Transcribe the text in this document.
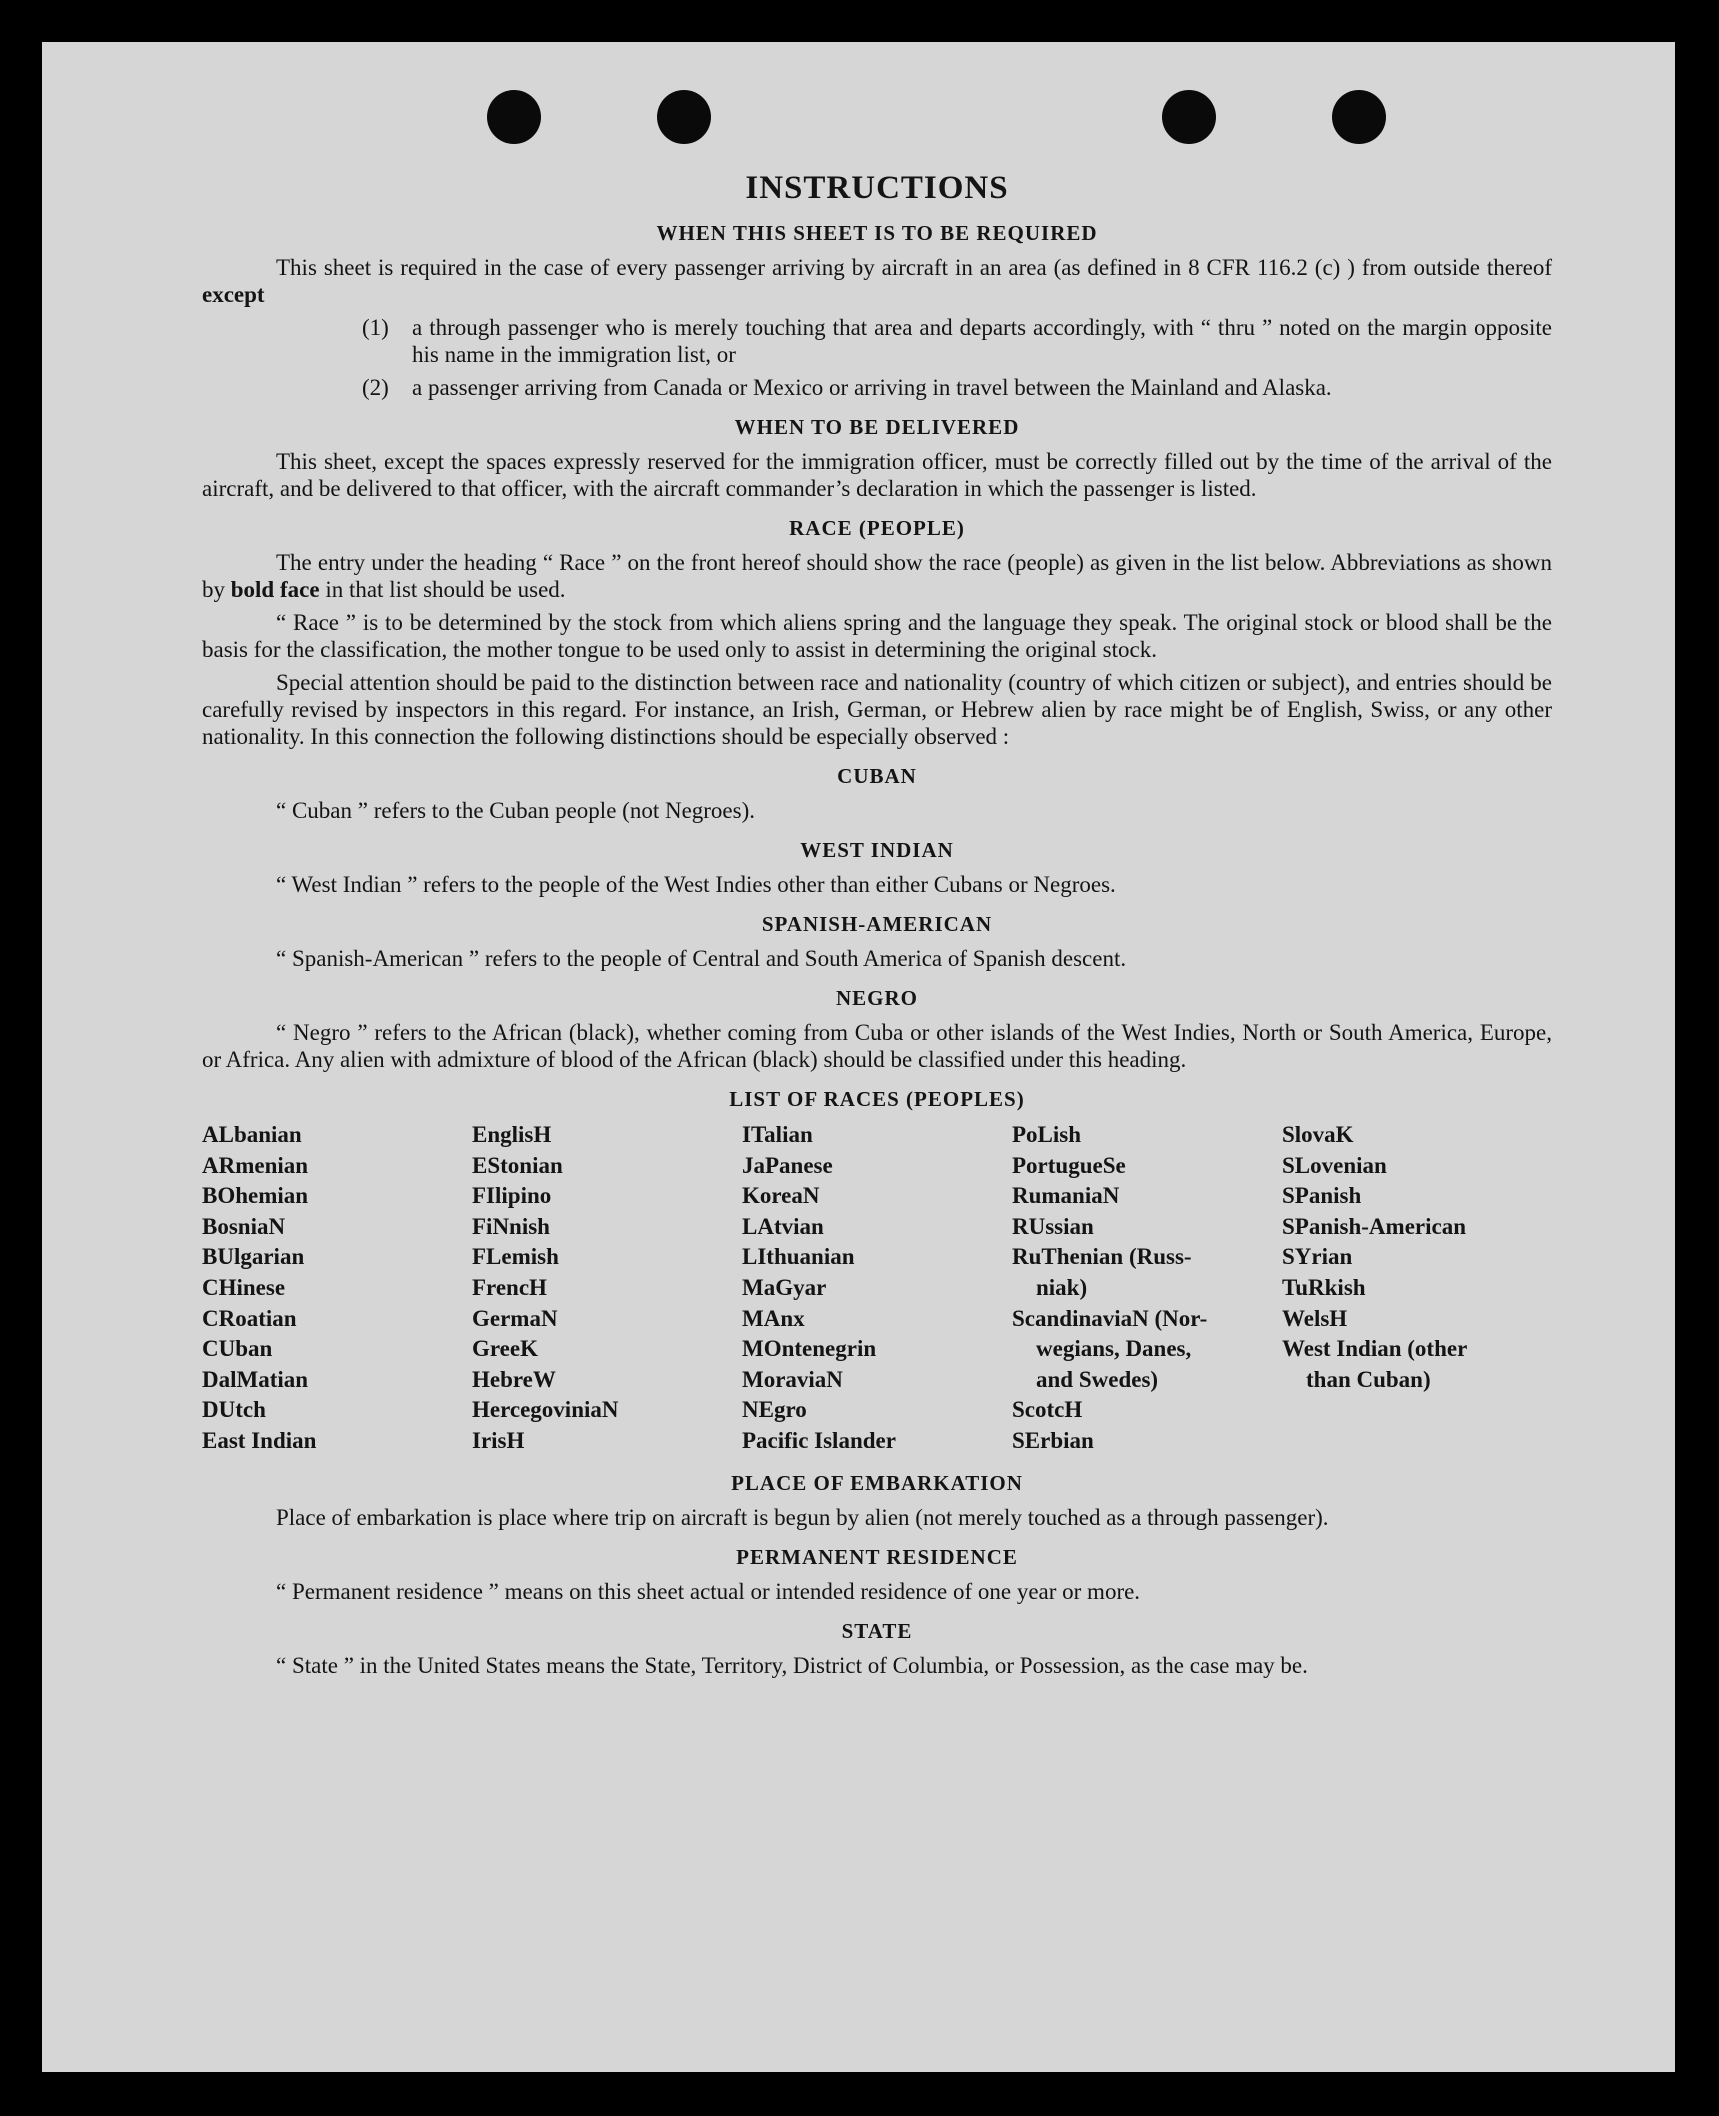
INSTRUCTIONS
WHEN THIS SHEET IS TO BE REQUIRED

This sheet is required in the case of every passenger arriving by aircraft in an area (as defined in 8 CFR 116.2 (c) ) from outside thereof except

(1)	a through passenger who is merely touching that area and departs accordingly, with “ thru ” noted on the margin opposite his name in the immigration list, or
(2)	a passenger arriving from Canada or Mexico or arriving in travel between the Mainland and Alaska.
WHEN TO BE DELIVERED

This sheet, except the spaces expressly reserved for the immigration officer, must be correctly filled out by the time of the arrival of the aircraft, and be delivered to that officer, with the aircraft commander’s declaration in which the passenger is listed.

RACE (PEOPLE)

The entry under the heading “ Race ” on the front hereof should show the race (people) as given in the list below. Abbreviations as shown by bold face in that list should be used.

“ Race ” is to be determined by the stock from which aliens spring and the language they speak. The original stock or blood shall be the basis for the classification, the mother tongue to be used only to assist in determining the original stock.

Special attention should be paid to the distinction between race and nationality (country of which citizen or subject), and entries should be carefully revised by inspectors in this regard. For instance, an Irish, German, or Hebrew alien by race might be of English, Swiss, or any other nationality. In this connection the following distinctions should be especially observed :

CUBAN
“ Cuban ” refers to the Cuban people (not Negroes).
WEST INDIAN
“ West Indian ” refers to the people of the West Indies other than either Cubans or Negroes.
SPANISH-AMERICAN
“ Spanish-American ” refers to the people of Central and South America of Spanish descent.
NEGRO

“ Negro ” refers to the African (black), whether coming from Cuba or other islands of the West Indies, North or South America, Europe, or Africa. Any alien with admixture of blood of the African (black) should be classified under this heading.

LIST OF RACES (PEOPLES)
ALbanian
ARmenian
BOhemian
BosniaN
BUlgarian
CHinese
CRoatian
CUban
DalMatian
DUtch
East Indian
EnglisH
EStonian
FIlipino
FiNnish
FLemish
FrencH
GermaN
GreeK
HebreW
HercegoviniaN
IrisH
ITalian
JaPanese
KoreaN
LAtvian
LIthuanian
MaGyar
MAnx
MOntenegrin
MoraviaN
NEgro
Pacific Islander
PoLish
PortugueSe
RumaniaN
RUssian
RuThenian (Russ-
niak)
ScandinaviaN (Nor-
wegians, Danes,
and Swedes)
ScotcH
SErbian
SlovaK
SLovenian
SPanish
SPanish-American
SYrian
TuRkish
WelsH
West Indian (other
than Cuban)
PLACE OF EMBARKATION

Place of embarkation is place where trip on aircraft is begun by alien (not merely touched as a through passenger).

PERMANENT RESIDENCE
“ Permanent residence ” means on this sheet actual or intended residence of one year or more.
STATE

“ State ” in the United States means the State, Territory, District of Columbia, or Possession, as the case may be.
